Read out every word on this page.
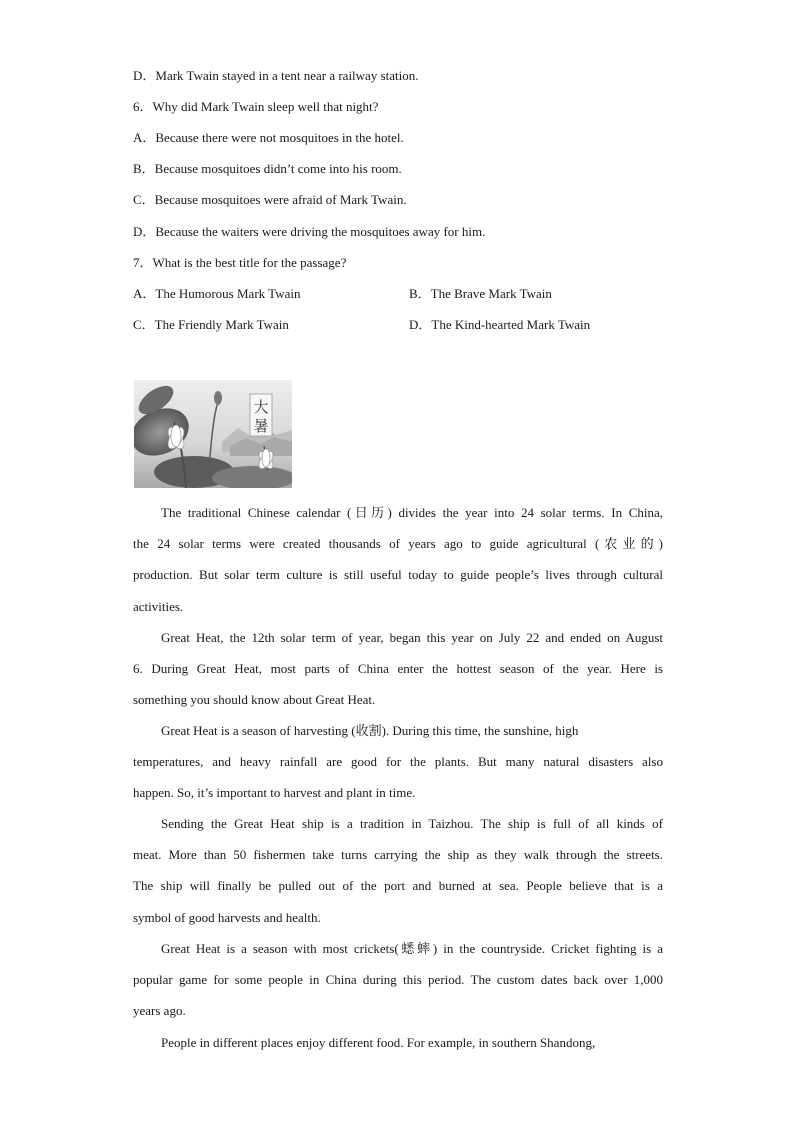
D．Mark Twain stayed in a tent near a railway station.
6．Why did Mark Twain sleep well that night?
A．Because there were not mosquitoes in the hotel.
B．Because mosquitoes didn’t come into his room.
C．Because mosquitoes were afraid of Mark Twain.
D．Because the waiters were driving the mosquitoes away for him.
7．What is the best title for the passage?
A．The Humorous Mark Twain	B．The Brave Mark Twain
C．The Friendly Mark Twain	D．The Kind-hearted Mark Twain
大
暑
The traditional Chinese calendar (日历) divides the year into 24 solar terms. In China,
the 24 solar terms were created thousands of years ago to guide agricultural (农业的)
production. But solar term culture is still useful today to guide people’s lives through cultural
activities.
Great Heat, the 12th solar term of year, began this year on July 22 and ended on August
6. During Great Heat, most parts of China enter the hottest season of the year. Here is
something you should know about Great Heat.
Great Heat is a season of harvesting (收割). During this time, the sunshine, high
temperatures, and heavy rainfall are good for the plants. But many natural disasters also
happen. So, it’s important to harvest and plant in time.
Sending the Great Heat ship is a tradition in Taizhou. The ship is full of all kinds of
meat. More than 50 fishermen take turns carrying the ship as they walk through the streets.
The ship will finally be pulled out of the port and burned at sea. People believe that is a
symbol of good harvests and health.
Great Heat is a season with most crickets(蟋蟀) in the countryside. Cricket fighting is a
popular game for some people in China during this period. The custom dates back over 1,000
years ago.
People in different places enjoy different food. For example, in southern Shandong,
